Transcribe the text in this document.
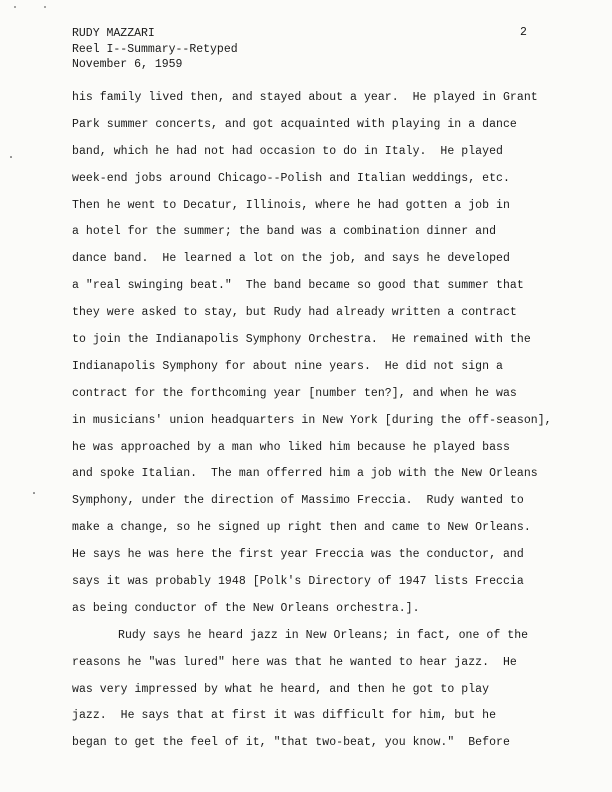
RUDY MAZZARI
Reel I--Summary--Retyped
November 6, 1959
2
his family lived then, and stayed about a year.  He played in Grant
Park summer concerts, and got acquainted with playing in a dance
band, which he had not had occasion to do in Italy.  He played
week-end jobs around Chicago--Polish and Italian weddings, etc.
Then he went to Decatur, Illinois, where he had gotten a job in
a hotel for the summer; the band was a combination dinner and
dance band.  He learned a lot on the job, and says he developed
a "real swinging beat."  The band became so good that summer that
they were asked to stay, but Rudy had already written a contract
to join the Indianapolis Symphony Orchestra.  He remained with the
Indianapolis Symphony for about nine years.  He did not sign a
contract for the forthcoming year [number ten?], and when he was
in musicians' union headquarters in New York [during the off-season],
he was approached by a man who liked him because he played bass
and spoke Italian.  The man offerred him a job with the New Orleans
Symphony, under the direction of Massimo Freccia.  Rudy wanted to
make a change, so he signed up right then and came to New Orleans.
He says he was here the first year Freccia was the conductor, and
says it was probably 1948 [Polk's Directory of 1947 lists Freccia
as being conductor of the New Orleans orchestra.].
Rudy says he heard jazz in New Orleans; in fact, one of the
reasons he "was lured" here was that he wanted to hear jazz.  He
was very impressed by what he heard, and then he got to play
jazz.  He says that at first it was difficult for him, but he
began to get the feel of it, "that two-beat, you know."  Before
